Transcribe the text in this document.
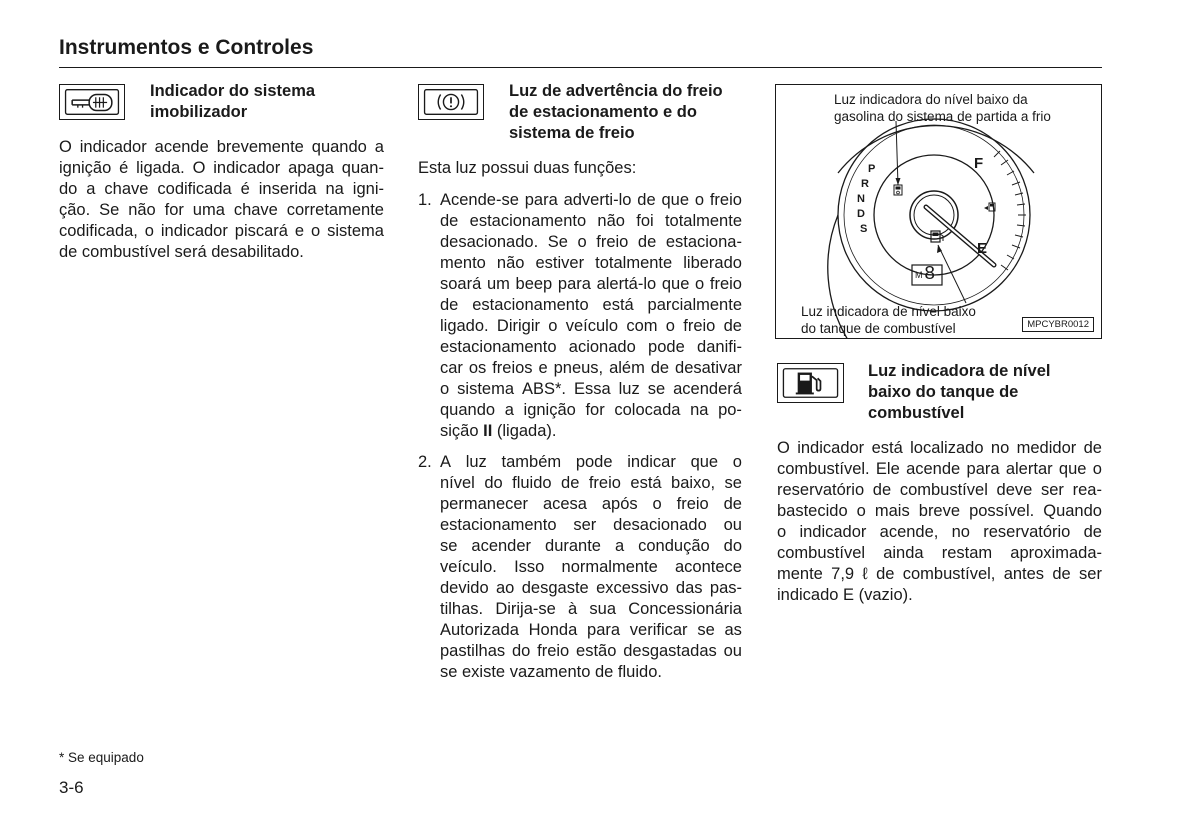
Instrumentos e Controles
Indicador do sistema
imobilizador
O indicador acende brevemente quando a
ignição é ligada. O indicador apaga quan-
do a chave codificada é inserida na igni-
ção. Se não for uma chave corretamente
codificada, o indicador piscará e o sistema
de combustível será desabilitado.
Luz de advertência do freio
de estacionamento e do
sistema de freio
Esta luz possui duas funções:
1. Acende-se para adverti-lo de que o freio
de estacionamento não foi totalmente
desacionado. Se o freio de estaciona-
mento não estiver totalmente liberado
soará um beep para alertá-lo que o freio
de estacionamento está parcialmente
ligado. Dirigir o veículo com o freio de
estacionamento acionado pode danifi-
car os freios e pneus, além de desativar
o sistema ABS*. Essa luz se acenderá
quando a ignição for colocada na po-
sição II (ligada).
2. A luz também pode indicar que o
nível do fluido de freio está baixo, se
permanecer acesa após o freio de
estacionamento ser desacionado ou
se acender durante a condução do
veículo. Isso normalmente acontece
devido ao desgaste excessivo das pas-
tilhas. Dirija-se à sua Concessionária
Autorizada Honda para verificar se as
pastilhas do freio estão desgastadas ou
se existe vazamento de fluido.
Luz indicadora do nível baixo da
gasolina do sistema de partida a frio
P
R
N
D
S
F
E
M 8
Luz indicadora de nível baixo
do tanque de combustível	MPCYBR0012
Luz indicadora de nível
baixo do tanque de
combustível
O indicador está localizado no medidor de
combustível. Ele acende para alertar que o
reservatório de combustível deve ser rea-
bastecido o mais breve possível. Quando
o indicador acende, no reservatório de
combustível ainda restam aproximada-
mente 7,9 ℓ de combustível, antes de ser
indicado E (vazio).
* Se equipado
3-6
